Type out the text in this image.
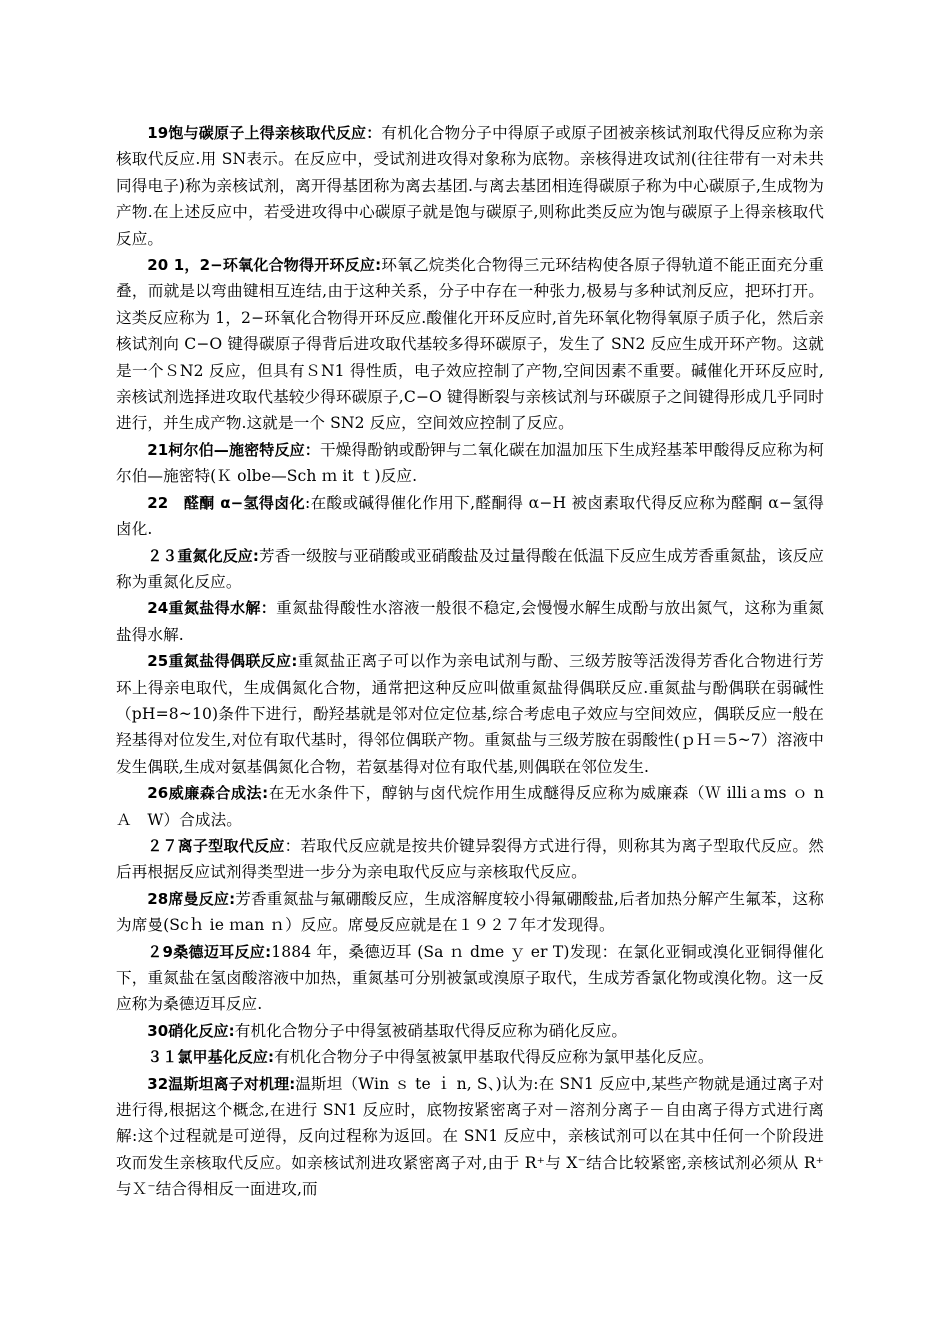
19饱与碳原子上得亲核取代反应：有机化合物分子中得原子或原子团被亲核试剂取代得反应称为亲核取代反应.用 SN表示。在反应中，受试剂进攻得对象称为底物。亲核得进攻试剂(往往带有一对未共同得电子)称为亲核试剂，离开得基团称为离去基团.与离去基团相连得碳原子称为中心碳原子,生成物为产物.在上述反应中，若受进攻得中心碳原子就是饱与碳原子,则称此类反应为饱与碳原子上得亲核取代反应。

20 1，2−环氧化合物得开环反应:环氧乙烷类化合物得三元环结构使各原子得轨道不能正面充分重叠，而就是以弯曲键相互连结,由于这种关系，分子中存在一种张力,极易与多种试剂反应，把环打开。这类反应称为 1，2−环氧化合物得开环反应.酸催化开环反应时,首先环氧化物得氧原子质子化，然后亲核试剂向 C−O 键得碳原子得背后进攻取代基较多得环碳原子，发生了 SN2 反应生成开环产物。这就是一个ＳN2 反应，但具有ＳN1 得性质，电子效应控制了产物,空间因素不重要。碱催化开环反应时,亲核试剂选择进攻取代基较少得环碳原子,C−O 键得断裂与亲核试剂与环碳原子之间键得形成几乎同时进行，并生成产物.这就是一个 SN2 反应，空间效应控制了反应。

21柯尔伯—施密特反应：干燥得酚钠或酚钾与二氧化碳在加温加压下生成羟基苯甲酸得反应称为柯尔伯—施密特(Ｋ olbe—Sch ｍ it ｔ)反应.

22　醛酮 α−氢得卤化:在酸或碱得催化作用下,醛酮得 α−H 被卤素取代得反应称为醛酮 α−氢得卤化.

２３重氮化反应:芳香一级胺与亚硝酸或亚硝酸盐及过量得酸在低温下反应生成芳香重氮盐，该反应称为重氮化反应。

24重氮盐得水解：重氮盐得酸性水溶液一般很不稳定,会慢慢水解生成酚与放出氮气，这称为重氮盐得水解.

25重氮盐得偶联反应:重氮盐正离子可以作为亲电试剂与酚、三级芳胺等活泼得芳香化合物进行芳环上得亲电取代，生成偶氮化合物，通常把这种反应叫做重氮盐得偶联反应.重氮盐与酚偶联在弱碱性（pH=8~10)条件下进行，酚羟基就是邻对位定位基,综合考虑电子效应与空间效应，偶联反应一般在羟基得对位发生,对位有取代基时，得邻位偶联产物。重氮盐与三级芳胺在弱酸性(ｐＨ＝5~7）溶液中发生偶联,生成对氨基偶氮化合物，若氨基得对位有取代基,则偶联在邻位发生.

26威廉森合成法:在无水条件下，醇钠与卤代烷作用生成醚得反应称为威廉森（Ｗ illiａms ｏ n Ａ　W）合成法。

２７离子型取代反应：若取代反应就是按共价键异裂得方式进行得，则称其为离子型取代反应。然后再根据反应试剂得类型进一步分为亲电取代反应与亲核取代反应。

28席曼反应:芳香重氮盐与氟硼酸反应，生成溶解度较小得氟硼酸盐,后者加热分解产生氟苯，这称为席曼(Scｈ ie ｍan ｎ）反应。席曼反应就是在１９２７年才发现得。

２9桑德迈耳反应:1884 年，桑德迈耳 (Sa ｎ dme ｙ er T)发现：在氯化亚铜或溴化亚铜得催化下，重氮盐在氢卤酸溶液中加热，重氮基可分别被氯或溴原子取代，生成芳香氯化物或溴化物。这一反应称为桑德迈耳反应.

30硝化反应:有机化合物分子中得氢被硝基取代得反应称为硝化反应。

３１氯甲基化反应:有机化合物分子中得氢被氯甲基取代得反应称为氯甲基化反应。

32温斯坦离子对机理:温斯坦（Win ｓ te ｉ n, S、)认为:在 SN1 反应中,某些产物就是通过离子对进行得,根据这个概念,在进行 SN1 反应时，底物按紧密离子对－溶剂分离子－自由离子得方式进行离解:这个过程就是可逆得，反向过程称为返回。在 SN1 反应中，亲核试剂可以在其中任何一个阶段进攻而发生亲核取代反应。如亲核试剂进攻紧密离子对,由于 R⁺与 X⁻结合比较紧密,亲核试剂必须从 R⁺与Ｘ⁻结合得相反一面进攻,而
